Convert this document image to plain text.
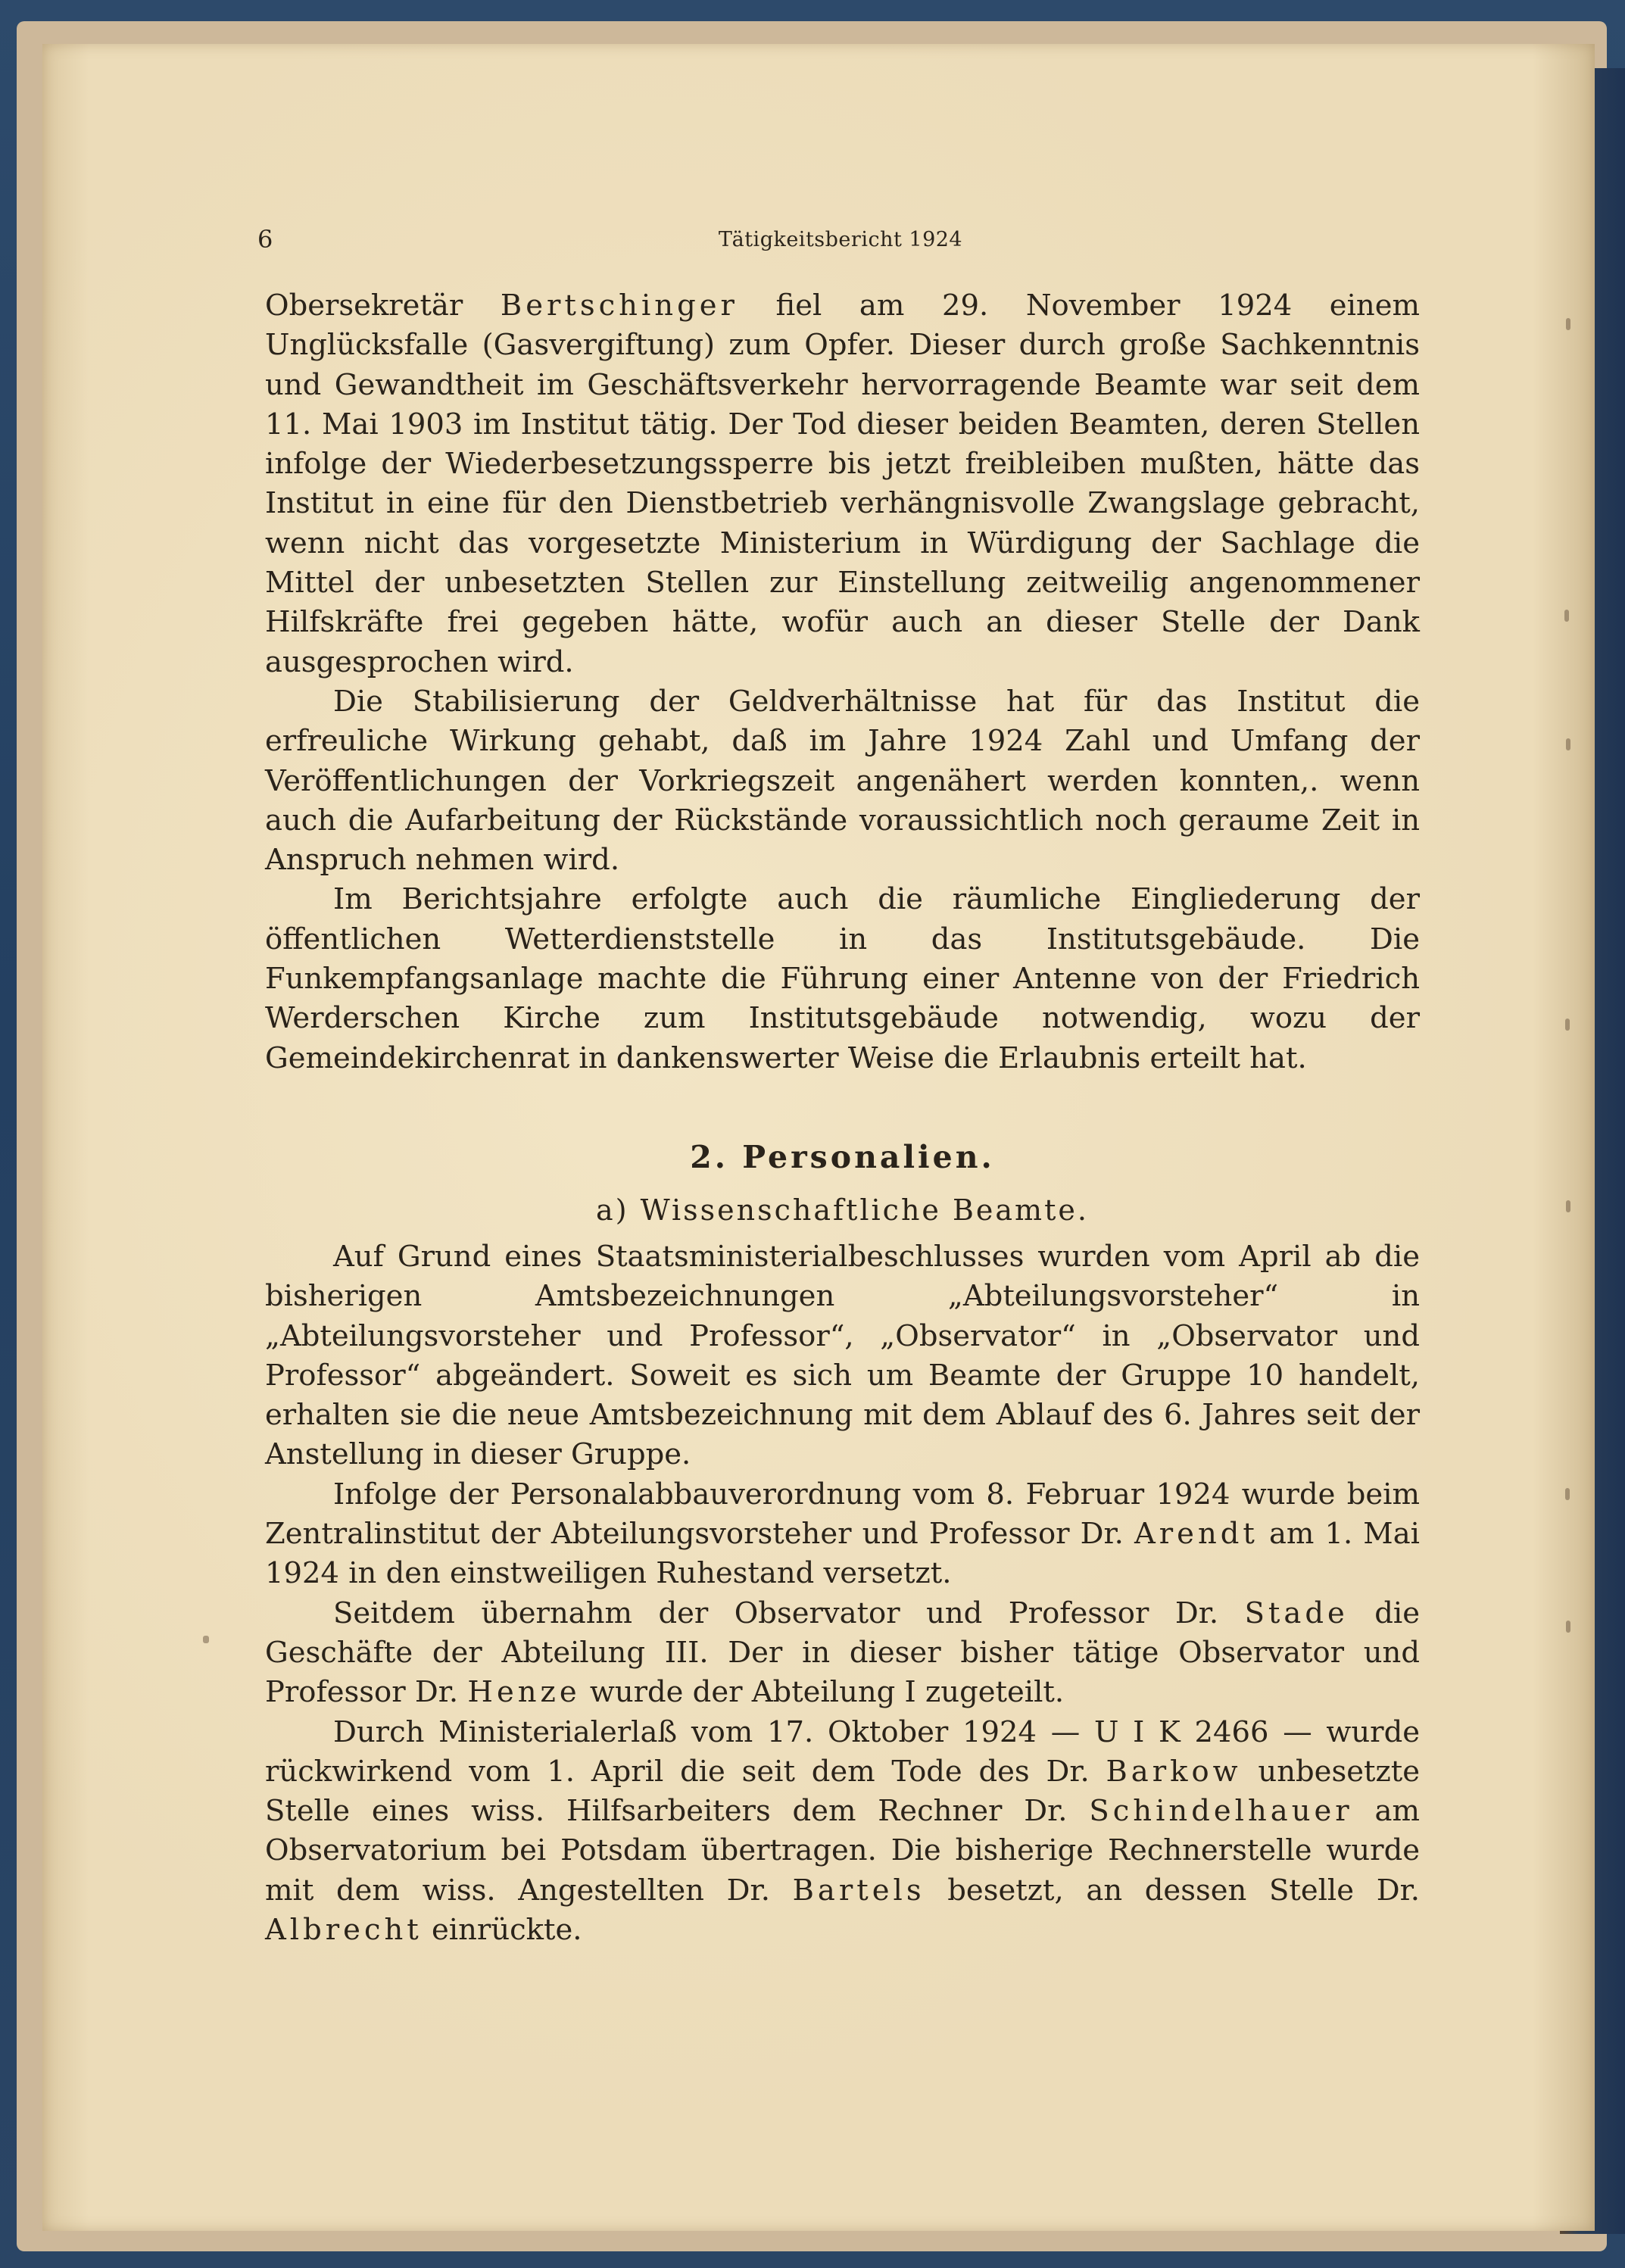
6	Tätigkeitsbericht 1924

Obersekretär Bertschinger fiel am 29. November 1924 einem Unglücksfalle (Gasvergiftung) zum Opfer. Dieser durch große Sachkenntnis und Gewandtheit im Geschäftsverkehr hervorragende Beamte war seit dem 11. Mai 1903 im Institut tätig. Der Tod dieser beiden Beamten, deren Stellen infolge der Wiederbesetzungssperre bis jetzt freibleiben mußten, hätte das Institut in eine für den Dienstbetrieb verhängnisvolle Zwangslage gebracht, wenn nicht das vorgesetzte Ministerium in Würdigung der Sachlage die Mittel der unbesetzten Stellen zur Einstellung zeitweilig angenommener Hilfskräfte frei gegeben hätte, wofür auch an dieser Stelle der Dank ausgesprochen wird.

Die Stabilisierung der Geldverhältnisse hat für das Institut die erfreuliche Wirkung gehabt, daß im Jahre 1924 Zahl und Umfang der Veröffentlichungen der Vorkriegszeit angenähert werden konnten,. wenn auch die Aufarbeitung der Rückstände voraussichtlich noch geraume Zeit in Anspruch nehmen wird.

Im Berichtsjahre erfolgte auch die räumliche Eingliederung der öffentlichen Wetterdienststelle in das Institutsgebäude. Die Funkempfangsanlage machte die Führung einer Antenne von der Friedrich Werderschen Kirche zum Institutsgebäude notwendig, wozu der Gemeindekirchenrat in dankenswerter Weise die Erlaubnis erteilt hat.

2. Personalien.
a) Wissenschaftliche Beamte.

Auf Grund eines Staatsministerialbeschlusses wurden vom April ab die bisherigen Amtsbezeichnungen „Abteilungsvorsteher“ in „Abteilungsvorsteher und Professor“, „Observator“ in „Observator und Professor“ abgeändert. Soweit es sich um Beamte der Gruppe 10 handelt, erhalten sie die neue Amtsbezeichnung mit dem Ablauf des 6. Jahres seit der Anstellung in dieser Gruppe.

Infolge der Personalabbauverordnung vom 8. Februar 1924 wurde beim Zentralinstitut der Abteilungsvorsteher und Professor Dr. Arendt am 1. Mai 1924 in den einstweiligen Ruhestand versetzt.

Seitdem übernahm der Observator und Professor Dr. Stade die Geschäfte der Abteilung III. Der in dieser bisher tätige Observator und Professor Dr. Henze wurde der Abteilung I zugeteilt.

Durch Ministerialerlaß vom 17. Oktober 1924 — U I K 2466 — wurde rückwirkend vom 1. April die seit dem Tode des Dr. Barkow unbesetzte Stelle eines wiss. Hilfsarbeiters dem Rechner Dr. Schindelhauer am Observatorium bei Potsdam übertragen. Die bisherige Rechnerstelle wurde mit dem wiss. Angestellten Dr. Bartels besetzt, an dessen Stelle Dr. Albrecht einrückte.
